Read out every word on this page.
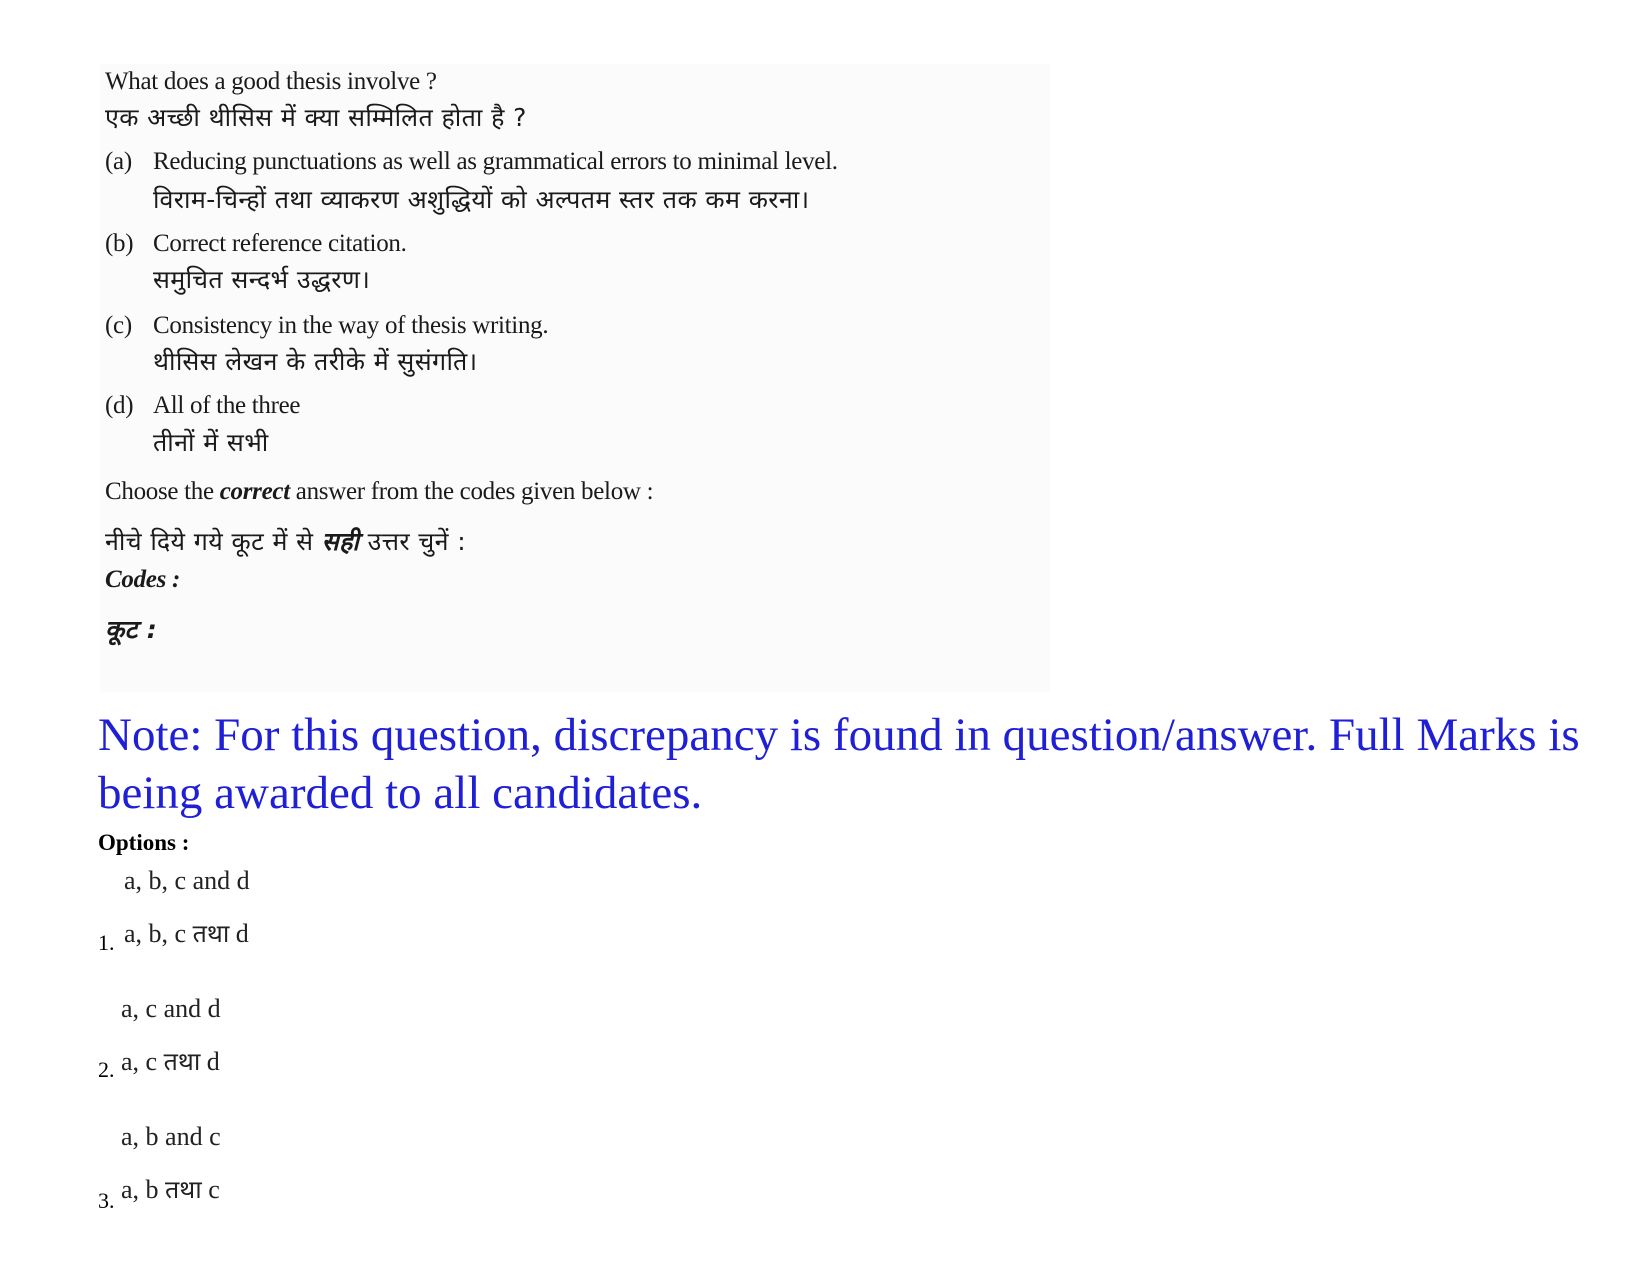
What does a good thesis involve ?
एक अच्छी थीसिस में क्या सम्मिलित होता है ?
(a) Reducing punctuations as well as grammatical errors to minimal level.
विराम-चिन्हों तथा व्याकरण अशुद्धियों को अल्पतम स्तर तक कम करना।
(b) Correct reference citation.
समुचित सन्दर्भ उद्धरण।
(c) Consistency in the way of thesis writing.
थीसिस लेखन के तरीके में सुसंगति।
(d) All of the three
तीनों में सभी
Choose the correct answer from the codes given below :
नीचे दिये गये कूट में से सही उत्तर चुनें :
Codes :
कूट :
Note: For this question, discrepancy is found in question/answer. Full Marks is being awarded to all candidates.
Options :
a, b, c and d
a, b, c तथा d
1.
a, c and d
a, c तथा d
2.
a, b and c
a, b तथा c
3.
